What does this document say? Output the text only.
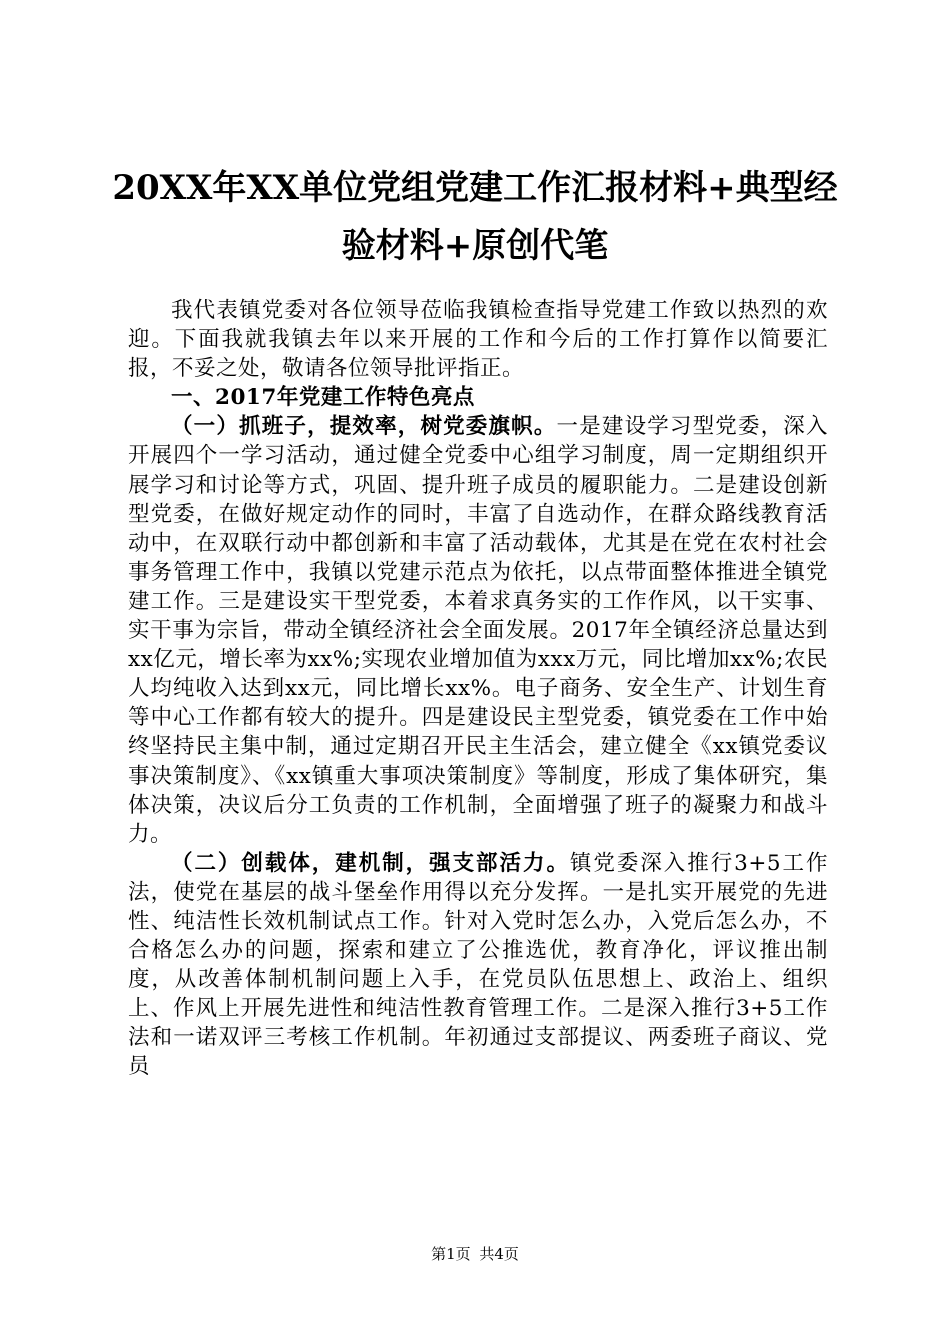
20XX年XX单位党组党建工作汇报材料+典型经
验材料+原创代笔

我代表镇党委对各位领导莅临我镇检查指导党建工作致以热烈的欢迎。下面我就我镇去年以来开展的工作和今后的工作打算作以简要汇报，不妥之处，敬请各位领导批评指正。

一、2017年党建工作特色亮点

（一）抓班子，提效率，树党委旗帜。一是建设学习型党委，深入开展四个一学习活动，通过健全党委中心组学习制度，周一定期组织开展学习和讨论等方式，巩固、提升班子成员的履职能力。二是建设创新型党委，在做好规定动作的同时，丰富了自选动作，在群众路线教育活动中，在双联行动中都创新和丰富了活动载体，尤其是在党在农村社会事务管理工作中，我镇以党建示范点为依托，以点带面整体推进全镇党建工作。三是建设实干型党委，本着求真务实的工作作风，以干实事、实干事为宗旨，带动全镇经济社会全面发展。2017年全镇经济总量达到xx亿元，增长率为xx%;实现农业增加值为xxx万元，同比增加xx%;农民人均纯收入达到xx元，同比增长xx%。电子商务、安全生产、计划生育等中心工作都有较大的提升。四是建设民主型党委，镇党委在工作中始终坚持民主集中制，通过定期召开民主生活会，建立健全《xx镇党委议事决策制度》、《xx镇重大事项决策制度》等制度，形成了集体研究，集体决策，决议后分工负责的工作机制，全面增强了班子的凝聚力和战斗力。

（二）创载体，建机制，强支部活力。镇党委深入推行3+5工作法，使党在基层的战斗堡垒作用得以充分发挥。一是扎实开展党的先进性、纯洁性长效机制试点工作。针对入党时怎么办，入党后怎么办，不合格怎么办的问题，探索和建立了公推选优，教育净化，评议推出制度，从改善体制机制问题上入手，在党员队伍思想上、政治上、组织上、作风上开展先进性和纯洁性教育管理工作。二是深入推行3+5工作法和一诺双评三考核工作机制。年初通过支部提议、两委班子商议、党员

第1页 共4页
